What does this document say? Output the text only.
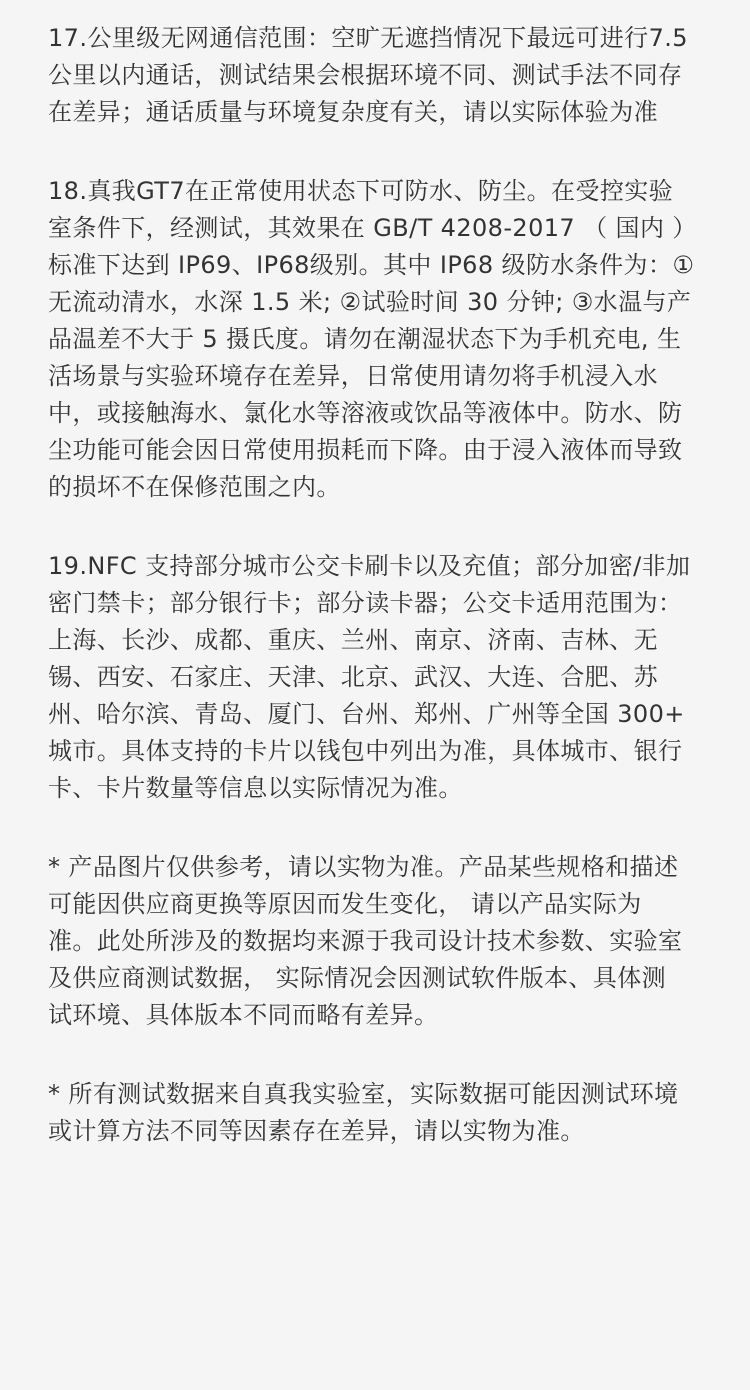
17.公里级无网通信范围：空旷无遮挡情况下最远可进行7.5
公里以内通话，测试结果会根据环境不同、测试手法不同存
在差异；通话质量与环境复杂度有关，请以实际体验为准
18.真我GT7在正常使用状态下可防水、防尘。在受控实验
室条件下，经测试，其效果在 GB/T 4208-2017 （ 国内 ）
标准下达到 IP69、IP68级别。其中 IP68 级防水条件为：①
无流动清水，水深 1.5 米; ②试验时间 30 分钟; ③水温与产
品温差不大于 5 摄氏度。请勿在潮湿状态下为手机充电, 生
活场景与实验环境存在差异，日常使用请勿将手机浸入水
中，或接触海水、氯化水等溶液或饮品等液体中。防水、防
尘功能可能会因日常使用损耗而下降。由于浸入液体而导致
的损坏不在保修范围之内。
19.NFC 支持部分城市公交卡刷卡以及充值；部分加密/非加
密门禁卡；部分银行卡；部分读卡器；公交卡适用范围为：
上海、长沙、成都、重庆、兰州、南京、济南、吉林、无
锡、西安、石家庄、天津、北京、武汉、大连、合肥、苏
州、哈尔滨、青岛、厦门、台州、郑州、广州等全国 300+
城市。具体支持的卡片以钱包中列出为准，具体城市、银行
卡、卡片数量等信息以实际情况为准。
* 产品图片仅供参考，请以实物为准。产品某些规格和描述
可能因供应商更换等原因而发生变化， 请以产品实际为
准。此处所涉及的数据均来源于我司设计技术参数、实验室
及供应商测试数据， 实际情况会因测试软件版本、具体测
试环境、具体版本不同而略有差异。
* 所有测试数据来自真我实验室，实际数据可能因测试环境
或计算方法不同等因素存在差异，请以实物为准。
